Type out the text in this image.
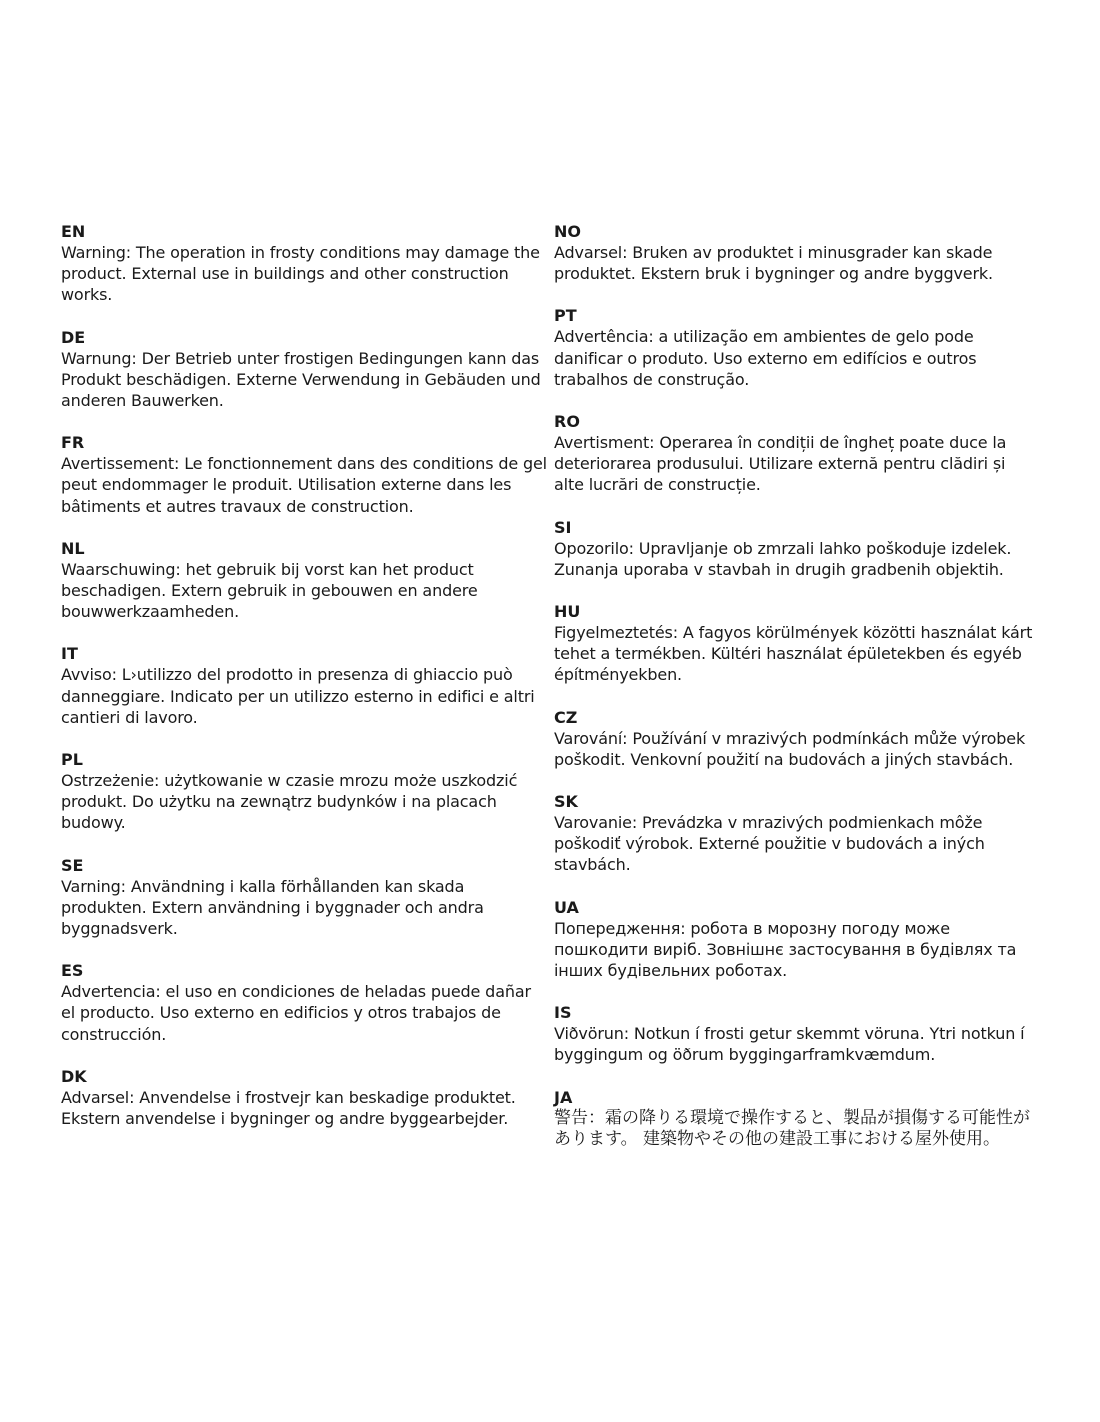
EN
Warning: The operation in frosty conditions may damage the product. External use in buildings and other construction works.
DE
Warnung: Der Betrieb unter frostigen Bedingungen kann das Produkt beschädigen. Externe Verwendung in Gebäuden und anderen Bauwerken.
FR
Avertissement: Le fonctionnement dans des conditions de gel peut endommager le produit. Utilisation externe dans les bâtiments et autres travaux de construction.
NL
Waarschuwing: het gebruik bij vorst kan het product beschadigen. Extern gebruik in gebouwen en andere bouwwerkzaamheden.
IT
Avviso: L›utilizzo del prodotto in presenza di ghiaccio può danneggiare. Indicato per un utilizzo esterno in edifici e altri cantieri di lavoro.
PL
Ostrzeżenie: użytkowanie w czasie mrozu może uszkodzić produkt. Do użytku na zewnątrz budynków i na placach budowy.
SE
Varning: Användning i kalla förhållanden kan skada produkten. Extern användning i byggnader och andra byggnadsverk.
ES
Advertencia: el uso en condiciones de heladas puede dañar el producto. Uso externo en edificios y otros trabajos de construcción.
DK
Advarsel: Anvendelse i frostvejr kan beskadige produktet. Ekstern anvendelse i bygninger og andre byggearbejder.
NO
Advarsel: Bruken av produktet i minusgrader kan skade produktet. Ekstern bruk i bygninger og andre byggverk.
PT
Advertência: a utilização em ambientes de gelo pode danificar o produto. Uso externo em edifícios e outros trabalhos de construção.
RO
Avertisment: Operarea în condiții de îngheț poate duce la deteriorarea produsului. Utilizare externă pentru clădiri și alte lucrări de construcție.
SI
Opozorilo: Upravljanje ob zmrzali lahko poškoduje izdelek. Zunanja uporaba v stavbah in drugih gradbenih objektih.
HU
Figyelmeztetés: A fagyos körülmények közötti használat kárt tehet a termékben. Kültéri használat épületekben és egyéb építményekben.
CZ
Varování: Používání v mrazivých podmínkách může výrobek poškodit. Venkovní použití na budovách a jiných stavbách.
SK
Varovanie: Prevádzka v mrazivých podmienkach môže poškodiť výrobok. Externé použitie v budovách a iných stavbách.
UA
Попередження: робота в морозну погоду може пошкодити виріб. Зовнішнє застосування в будівлях та інших будівельних роботах.
IS
Viðvörun: Notkun í frosti getur skemmt vöruna. Ytri notkun í byggingum og öðrum byggingarframkvæmdum.
JA
警告：霜の降りる環境で操作すると、製品が損傷する可能性があります。 建築物やその他の建設工事における屋外使用。
